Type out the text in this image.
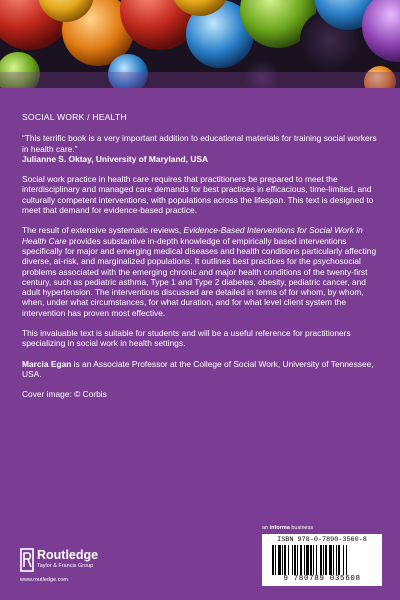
SOCIAL WORK / HEALTH

“This terrific book is a very important addition to educational materials for training social workers in health care.”

Julianne S. Oktay, University of Maryland, USA

Social work practice in health care requires that practitioners be prepared to meet the interdisciplinary and managed care demands for best practices in efficacious, time-limited, and culturally competent interventions, with populations across the lifespan. This text is designed to meet that demand for evidence-based practice.

The result of extensive systematic reviews, Evidence-Based Interventions for Social Work in Health Care provides substantive in-depth knowledge of empirically based interventions specifically for major and emerging medical diseases and health conditions particularly affecting diverse, at-risk, and marginalized populations. It outlines best practices for the psychosocial problems associated with the emerging chronic and major health conditions of the twenty-first century, such as pediatric asthma, Type 1 and Type 2 diabetes, obesity, pediatric cancer, and adult hypertension. The interventions discussed are detailed in terms of for whom, by whom, when, under what circumstances, for what duration, and for what level client system the intervention has proven most effective.

This invaluable text is suitable for students and will be a useful reference for practitioners specializing in social work in health settings.

Marcia Egan is an Associate Professor at the College of Social Work, University of Tennessee, USA.

Cover image: © Corbis

an informa business
Routledge
Taylor & Francis Group
www.routledge.com
ISBN 978-0-7890-3560-8
9 780789 035608
